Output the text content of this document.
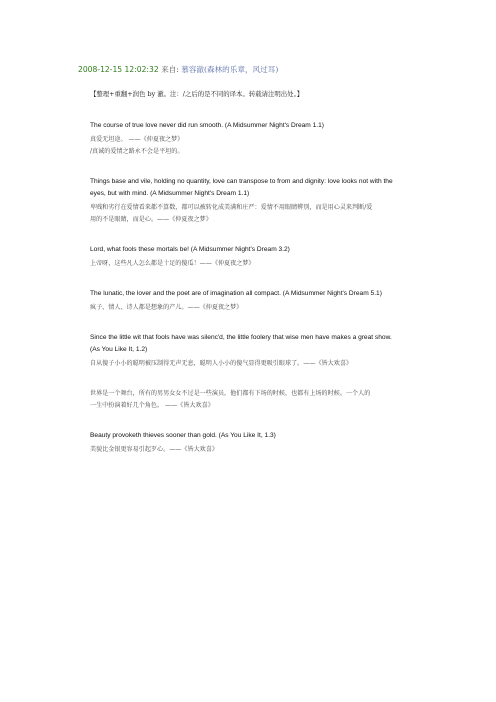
2008-12-15 12:02:32 来自: 慕容澈(森林的乐章，风过耳)
【整理+重翻+润色 by 澈。注：/之后的是不同的译本。转载请注明出处。】
The course of true love never did run smooth. (A Midsummer Night's Dream 1.1)
真爱无坦途。 ——《仲夏夜之梦》
/真诚的爱情之路永不会是平坦的。
Things base and vile, holding no quantity, love can transpose to from and dignity: love looks not with the
eyes, but with mind. (A Midsummer Night's Dream 1.1)
卑贱和劣行在爱情看来都不算数，都可以被转化成美满和庄严：爱情不用眼睛辨别，而是用心灵来判断/爱
用的不是眼睛，而是心。——《仲夏夜之梦》
Lord, what fools these mortals be! (A Midsummer Night's Dream 3.2)
上帝呀，这些凡人怎么都是十足的傻瓜！——《仲夏夜之梦》
The lunatic, the lover and the poet are of imagination all compact. (A Midsummer Night's Dream 5.1)
疯子、情人、诗人都是想象的产儿。——《仲夏夜之梦》
Since the little wit that fools have was silenc'd, the little foolery that wise men have makes a great show.
(As You Like It, 1.2)
自从傻子小小的聪明被压制得无声无息，聪明人小小的傻气显得更吸引眼球了。——《皆大欢喜》
世界是一个舞台，所有的男男女女不过是一些演员，他们都有下场的时候，也都有上场的时候。一个人的
一生中扮演着好几个角色。 ——《皆大欢喜》
Beauty provoketh thieves sooner than gold. (As You Like It, 1.3)
美貌比金银更容易引起歹心。——《皆大欢喜》
